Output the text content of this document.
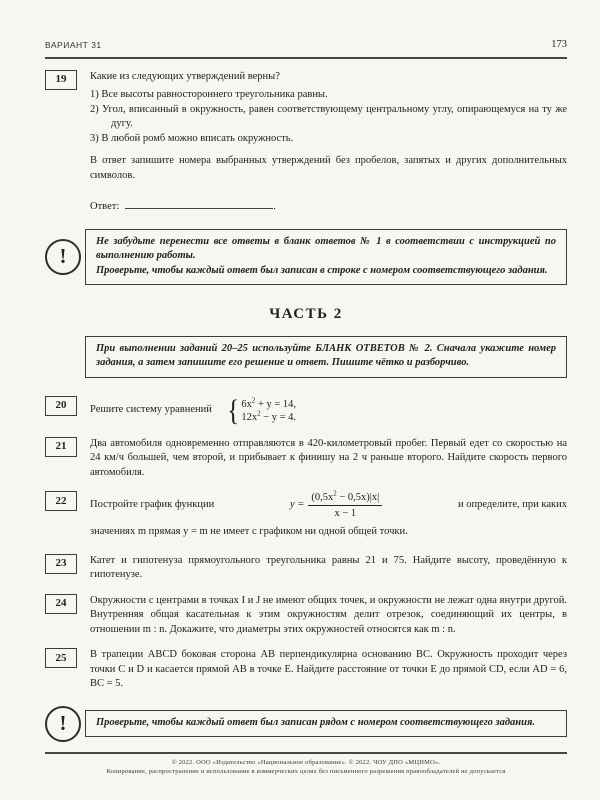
ВАРИАНТ 31	173
19	Какие из следующих утверждений верны?
1) Все высоты равностороннего треугольника равны.
2) Угол, вписанный в окружность, равен соответствующему центральному углу, опирающемуся на ту же дугу.
3) В любой ромб можно вписать окружность.
В ответ запишите номера выбранных утверждений без пробелов, запятых и других дополнительных символов.
Ответ:	.
!

Не забудьте перенести все ответы в бланк ответов № 1 в соответствии с инструкцией по выполнению работы.

Проверьте, чтобы каждый ответ был записан в строке с номером соответствующего задания.

ЧАСТЬ 2

При выполнении заданий 20–25 используйте БЛАНК ОТВЕТОВ № 2. Сначала укажите номер задания, а затем запишите его решение и ответ. Пишите чётко и разборчиво.

20	Решите систему уравнений { $6x^2 + y = 14$,
$12x^2 - y = 4$.
21	Два автомобиля одновременно отправляются в 420-километровый пробег. Первый едет со скоростью на 24 км/ч большей, чем второй, и прибывает к финишу на 2 ч раньше второго. Найдите скорость первого автомобиля.
22	Постройте график функции	$y = \frac{(0,5x^2 - 0,5x)|x|}{x - 1}$	и определите, при каких
значениях m прямая y = m не имеет с графиком ни одной общей точки.
23	Катет и гипотенуза прямоугольного треугольника равны 21 и 75. Найдите высоту, проведённую к гипотенузе.
24	Окружности с центрами в точках I и J не имеют общих точек, и окружности не лежат одна внутри другой. Внутренняя общая касательная к этим окружностям делит отрезок, соединяющий их центры, в отношении m : n. Докажите, что диаметры этих окружностей относятся как m : n.
25	В трапеции ABCD боковая сторона AB перпендикулярна основанию BC. Окружность проходит через точки C и D и касается прямой AB в точке E. Найдите расстояние от точки E до прямой CD, если AD = 6, BC = 5.
!	Проверьте, чтобы каждый ответ был записан рядом с номером соответствующего задания.

© 2022. ООО «Издательство «Национальное образование». © 2022. ЧОУ ДПО «МЦНМО».
Копирование, распространение и использование в коммерческих целях без письменного разрешения правообладателей не допускается
